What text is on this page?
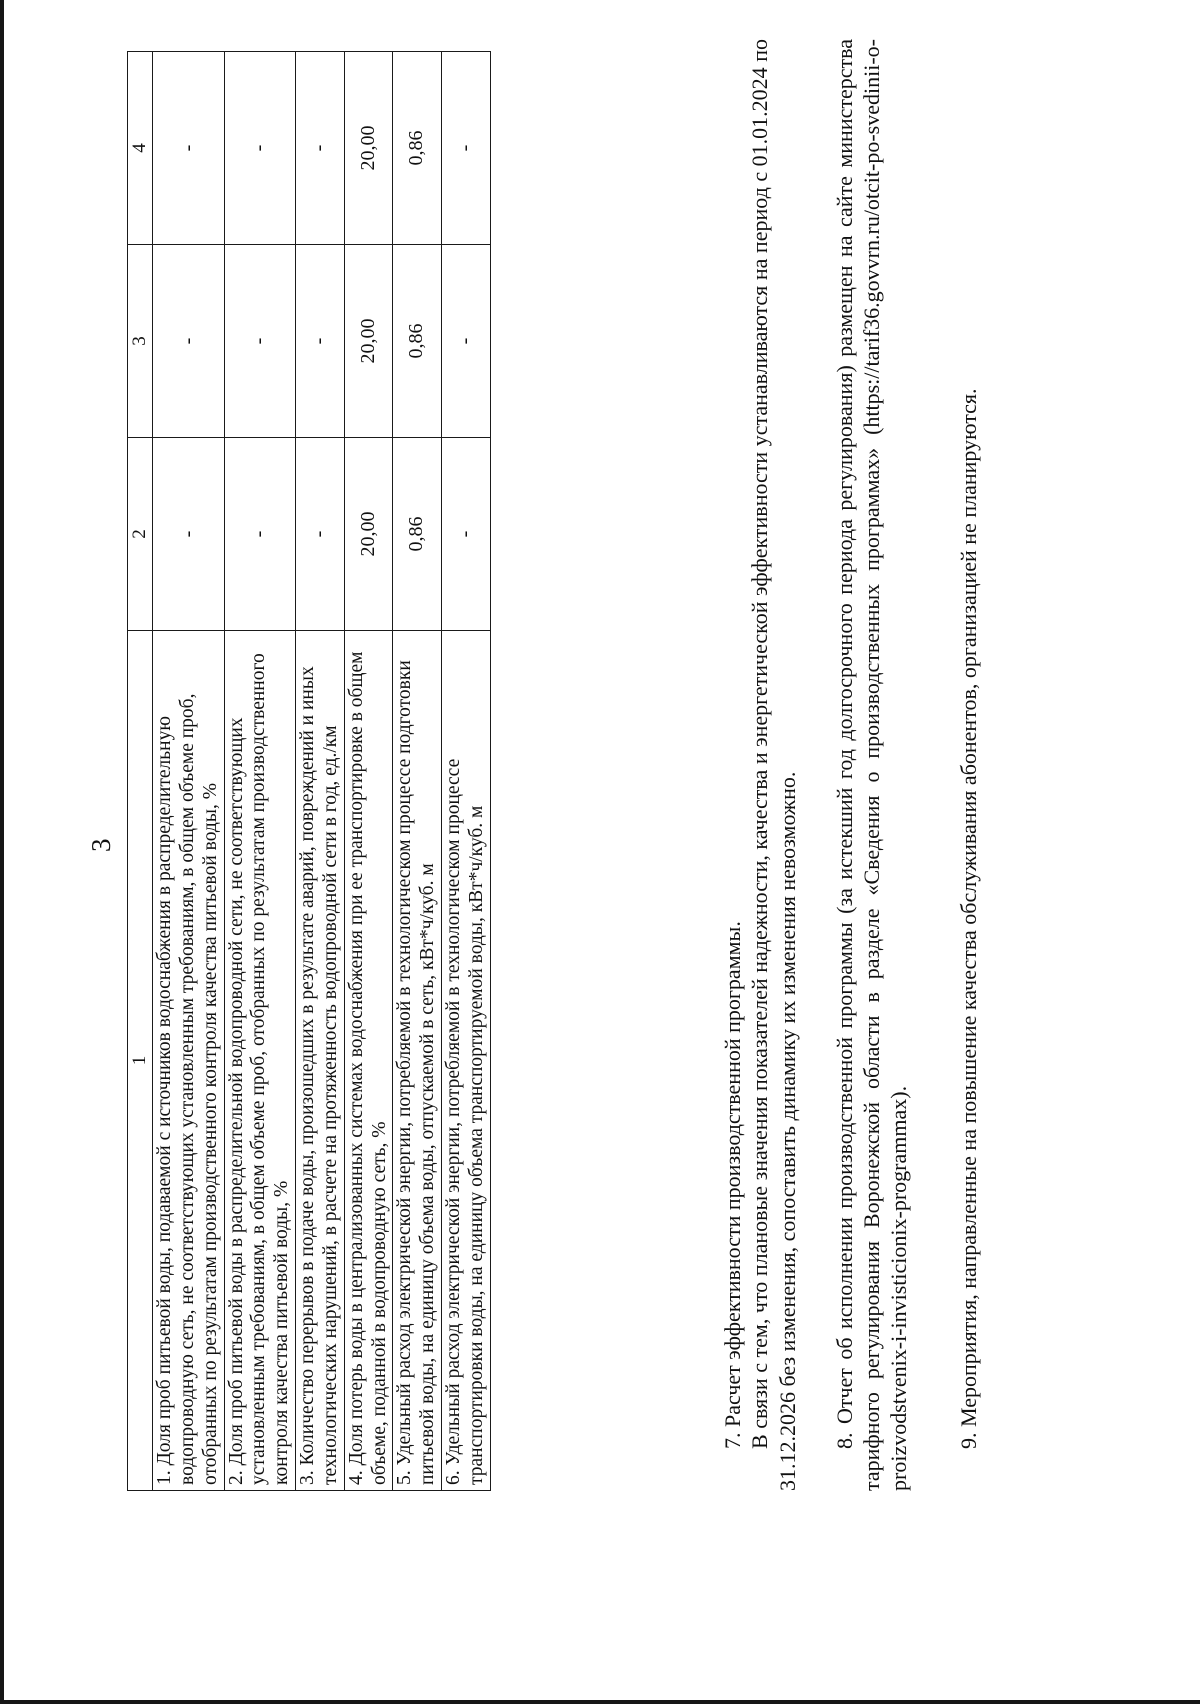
3
1	2	3	4
1. Доля проб питьевой воды, подаваемой с источников водоснабжения в распределительную водопроводную сеть, не соответствующих установленным требованиям, в общем объеме проб, отобранных по результатам производственного контроля качества питьевой воды, %	-	-	-
2. Доля проб питьевой воды в распределительной водопроводной сети, не соответствующих установленным требованиям, в общем объеме проб, отобранных по результатам производственного контроля качества питьевой воды, %	-	-	-
3. Количество перерывов в подаче воды, произошедших в результате аварий, повреждений и иных технологических нарушений, в расчете на протяженность водопроводной сети в год, ед./км	-	-	-
4. Доля потерь воды в централизованных системах водоснабжения при ее транспортировке в общем объеме, поданной в водопроводную сеть, %	20,00	20,00	20,00
5. Удельный расход электрической энергии, потребляемой в технологическом процессе подготовки питьевой воды, на единицу объема воды, отпускаемой в сеть, кВт*ч/куб. м	0,86	0,86	0,86
6. Удельный расход электрической энергии, потребляемой в технологическом процессе транспортировки воды, на единицу объема транспортируемой воды, кВт*ч/куб. м	-	-	-

7. Расчет эффективности производственной программы. В связи с тем, что плановые значения показателей надежности, качества и энергетической эффективности устанавливаются на период с 01.01.2024 по 31.12.2026 без изменения, сопоставить динамику их изменения невозможно. 8. Отчет об исполнении производственной программы (за истекший год долгосрочного периода регулирования) размещен на сайте министерства тарифного регулирования Воронежской области в разделе «Сведения о производственных программах» (https://tarif36.govvrn.ru/otcit-po-svedinii-o-proizvodstvenix-i-invisticionix-programmax). 9. Мероприятия, направленные на повышение качества обслуживания абонентов, организацией не планируются.
